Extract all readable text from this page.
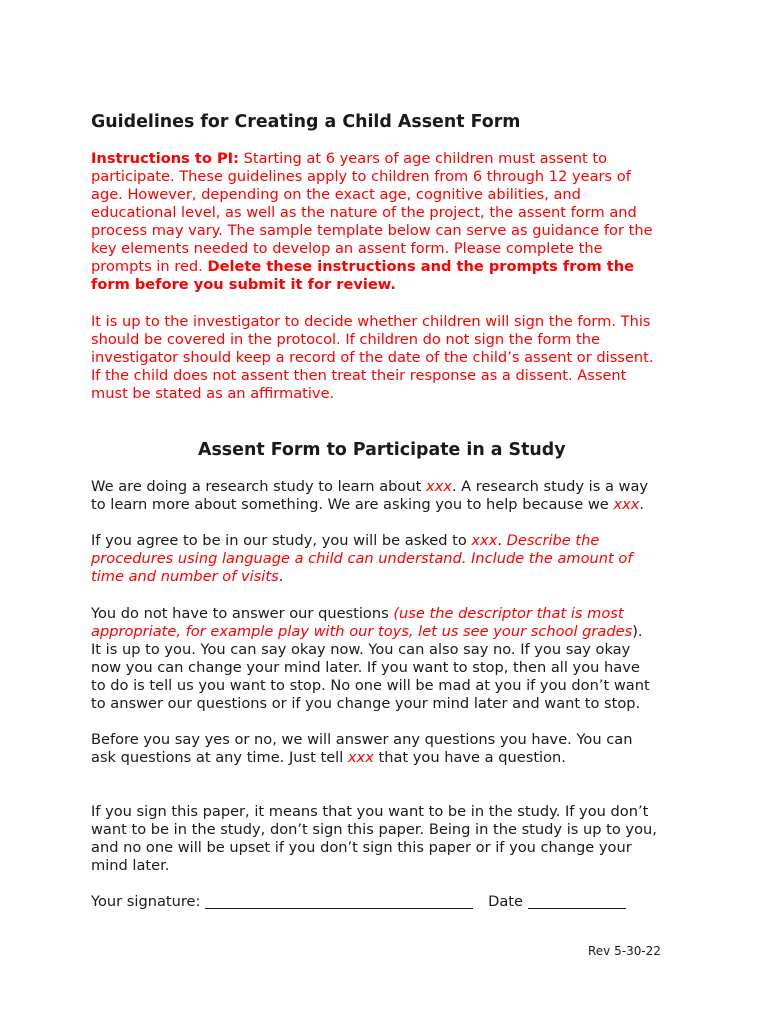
Guidelines for Creating a Child Assent Form
Instructions to PI: Starting at 6 years of age children must assent to
participate. These guidelines apply to children from 6 through 12 years of
age. However, depending on the exact age, cognitive abilities, and
educational level, as well as the nature of the project, the assent form and
process may vary. The sample template below can serve as guidance for the
key elements needed to develop an assent form. Please complete the
prompts in red. Delete these instructions and the prompts from the
form before you submit it for review.
It is up to the investigator to decide whether children will sign the form. This
should be covered in the protocol. If children do not sign the form the
investigator should keep a record of the date of the child’s assent or dissent.
If the child does not assent then treat their response as a dissent. Assent
must be stated as an affirmative.
Assent Form to Participate in a Study
We are doing a research study to learn about xxx. A research study is a way
to learn more about something. We are asking you to help because we xxx.
If you agree to be in our study, you will be asked to xxx. Describe the
procedures using language a child can understand. Include the amount of
time and number of visits.
You do not have to answer our questions (use the descriptor that is most
appropriate, for example play with our toys, let us see your school grades).
It is up to you. You can say okay now. You can also say no. If you say okay
now you can change your mind later. If you want to stop, then all you have
to do is tell us you want to stop. No one will be mad at you if you don’t want
to answer our questions or if you change your mind later and want to stop.
Before you say yes or no, we will answer any questions you have. You can
ask questions at any time. Just tell xxx that you have a question.
If you sign this paper, it means that you want to be in the study. If you don’t
want to be in the study, don’t sign this paper. Being in the study is up to you,
and no one will be upset if you don’t sign this paper or if you change your
mind later.
Your signature:	Date
Rev 5-30-22
